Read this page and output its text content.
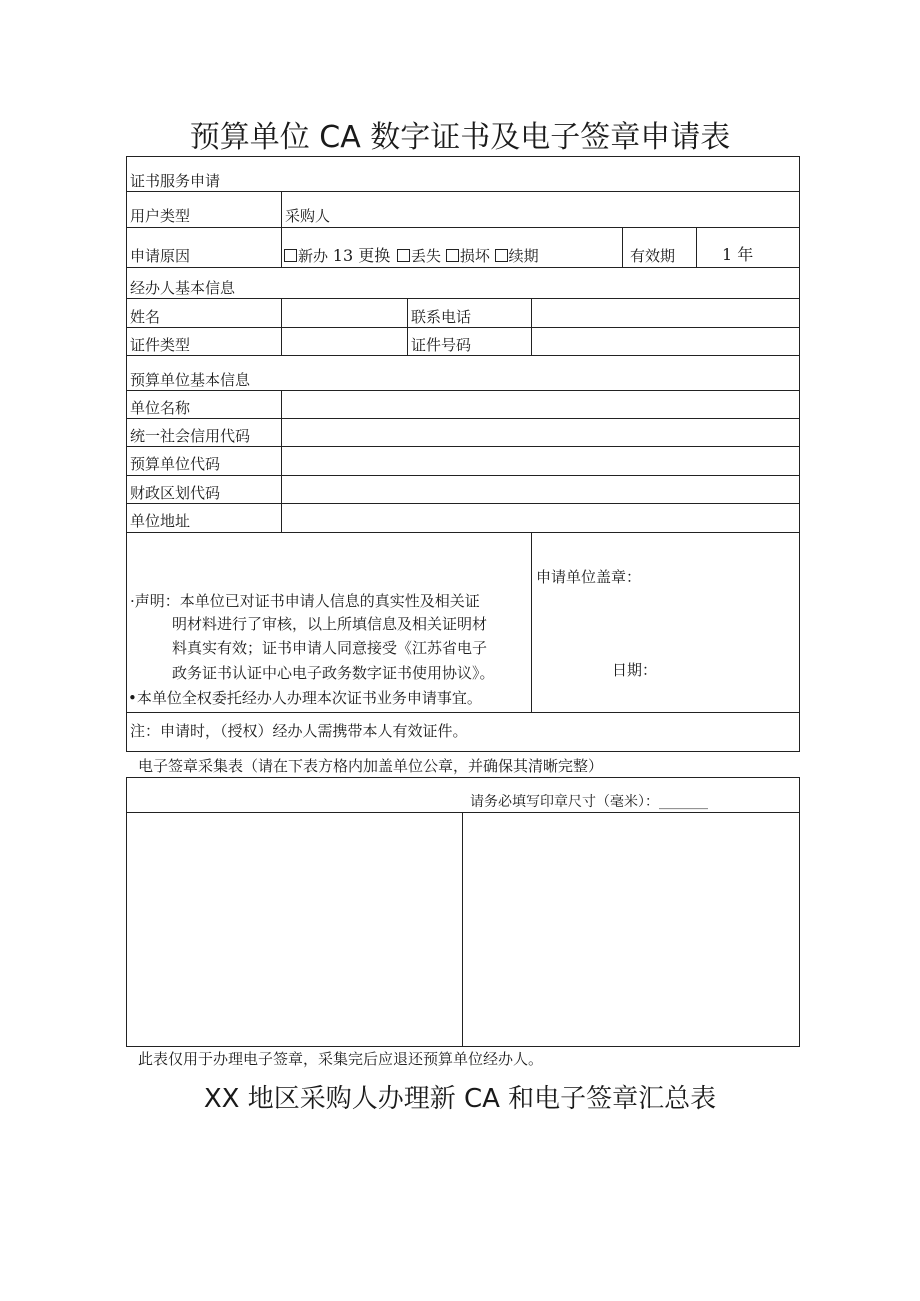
预算单位 CA 数字证书及电子签章申请表
证书服务申请
用户类型	采购人
申请原因	新办 13 更换 丢失 损坏 续期	有效期	1 年
经办人基本信息
姓名	联系电话
证件类型	证件号码
预算单位基本信息
单位名称
统一社会信用代码
预算单位代码
财政区划代码
单位地址
·声明：本单位已对证书申请人信息的真实性及相关证
明材料进行了审核，以上所填信息及相关证明材
料真实有效；证书申请人同意接受《江苏省电子
政务证书认证中心电子政务数字证书使用协议》。
•本单位全权委托经办人办理本次证书业务申请事宜。
申请单位盖章：
日期：
注：申请时，（授权）经办人需携带本人有效证件。
电子签章采集表（请在下表方格内加盖单位公章，并确保其清晰完整）
请务必填写印章尺寸（毫米）：_______
此表仅用于办理电子签章，采集完后应退还预算单位经办人。
XX 地区采购人办理新 CA 和电子签章汇总表
